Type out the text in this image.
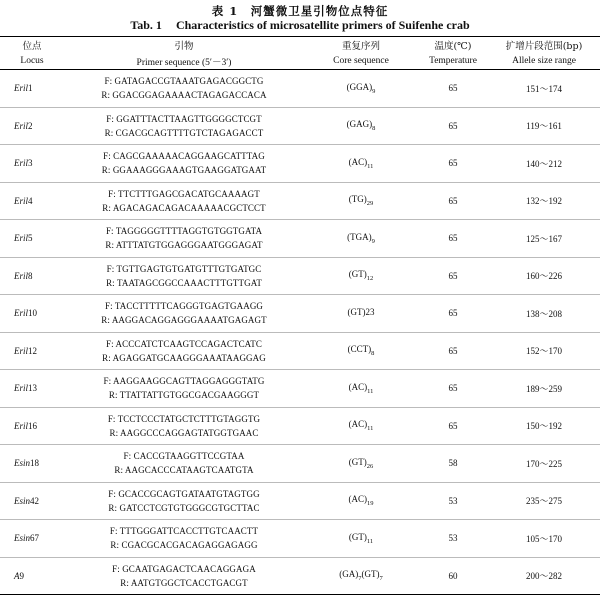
表 1　河蟹微卫星引物位点特征
Tab. 1 Characteristics of microsatellite primers of Suifenhe crab
位点	引物	重复序列	温度(℃)	扩增片段范围(bp)
Locus	Primer sequence (5′－3′)	Core sequence	Temperature	Allele size range
Eril1	F: GATAGACCGTAAATGAGACGGCTG
R: GGACGGAGAAAACTAGAGACCACA	$(GGA)_9$	65	151～174
Eril2	F: GGATTTACTTAAGTTGGGGCTCGT
R: CGACGCAGTTTTGTCTAGAGACCT	$(GAG)_8$	65	119～161
Eril3	F: CAGCGAAAAACAGGAAGCATTTAG
R: GGAAAGGGAAAGTGAAGGATGAAT	$(AC)_{11}$	65	140～212
Eril4	F: TTCTTTGAGCGACATGCAAAAGT
R: AGACAGACAGACAAAAACGCTCCT	$(TG)_{29}$	65	132～192
Eril5	F: TAGGGGGTTTTAGGTGTGGTGATA
R: ATTTATGTGGAGGGAATGGGAGAT	$(TGA)_9$	65	125～167
Eril8	F: TGTTGAGTGTGATGTTTGTGATGC
R: TAATAGCGGCCAAACTTTGTTGAT	$(GT)_{12}$	65	160～226
Eril10	F: TACCTTTTTCAGGGTGAGTGAAGG
R: AAGGACAGGAGGGAAAATGAGAGT	(GT)23	65	138～208
Eril12	F: ACCCATCTCAAGTCCAGACTCATC
R: AGAGGATGCAAGGGAAATAAGGAG	$(CCT)_8$	65	152～170
Eril13	F: AAGGAAGGCAGTTAGGAGGGTATG
R: TTATTATTGTGGCGACGAAGGGT	$(AC)_{11}$	65	189～259
Eril16	F: TCCTCCCTATGCTCTTTGTAGGTG
R: AAGGCCCAGGAGTATGGTGAAC	$(AC)_{11}$	65	150～192
Esin18	F: CACCGTAAGGTTCCGTAA
R: AAGCACCCATAAGTCAATGTA	$(GT)_{26}$	58	170～225
Esin42	F: GCACCGCAGTGATAATGTAGTGG
R: GATCCTCGTGTGGGCGTGCTTAC	$(AC)_{19}$	53	235～275
Esin67	F: TTTGGGATTCACCTTGTCAACTT
R: CGACGCACGACAGAGGAGAGG	$(GT)_{11}$	53	105～170
A9	F: GCAATGAGACTCAACAGGAGA
R: AATGTGGCTCACCTGACGT	$(GA)_7(GT)_7$	60	200～282
